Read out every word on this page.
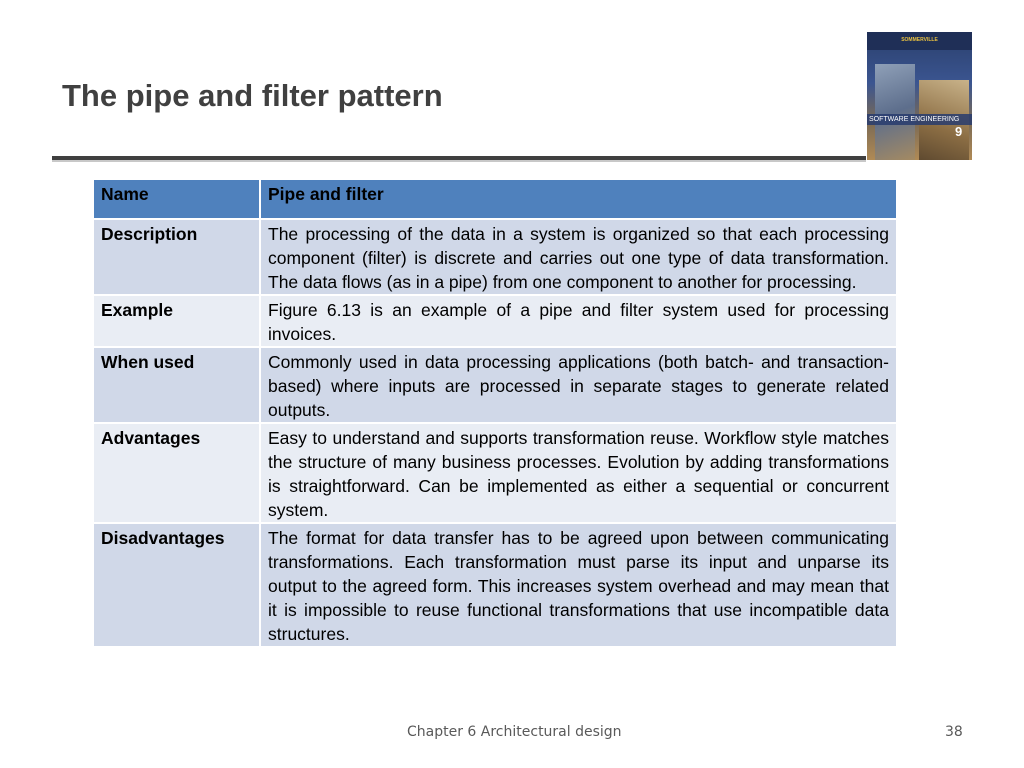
The pipe and filter pattern
SOMMERVILLE
SOFTWARE ENGINEERING
9
Name	Pipe and filter
Description	The processing of the data in a system is organized so that each processing component (filter) is discrete and carries out one type of data transformation. The data flows (as in a pipe) from one component to another for processing.
Example	Figure 6.13 is an example of a pipe and filter system used for processing invoices.
When used	Commonly used in data processing applications (both batch- and transaction-based) where inputs are processed in separate stages to generate related outputs.
Advantages	Easy to understand and supports transformation reuse. Workflow style matches the structure of many business processes. Evolution by adding transformations is straightforward. Can be implemented as either a sequential or concurrent system.
Disadvantages	The format for data transfer has to be agreed upon between communicating transformations. Each transformation must parse its input and unparse its output to the agreed form. This increases system overhead and may mean that it is impossible to reuse functional transformations that use incompatible data structures.
Chapter 6 Architectural design	38
